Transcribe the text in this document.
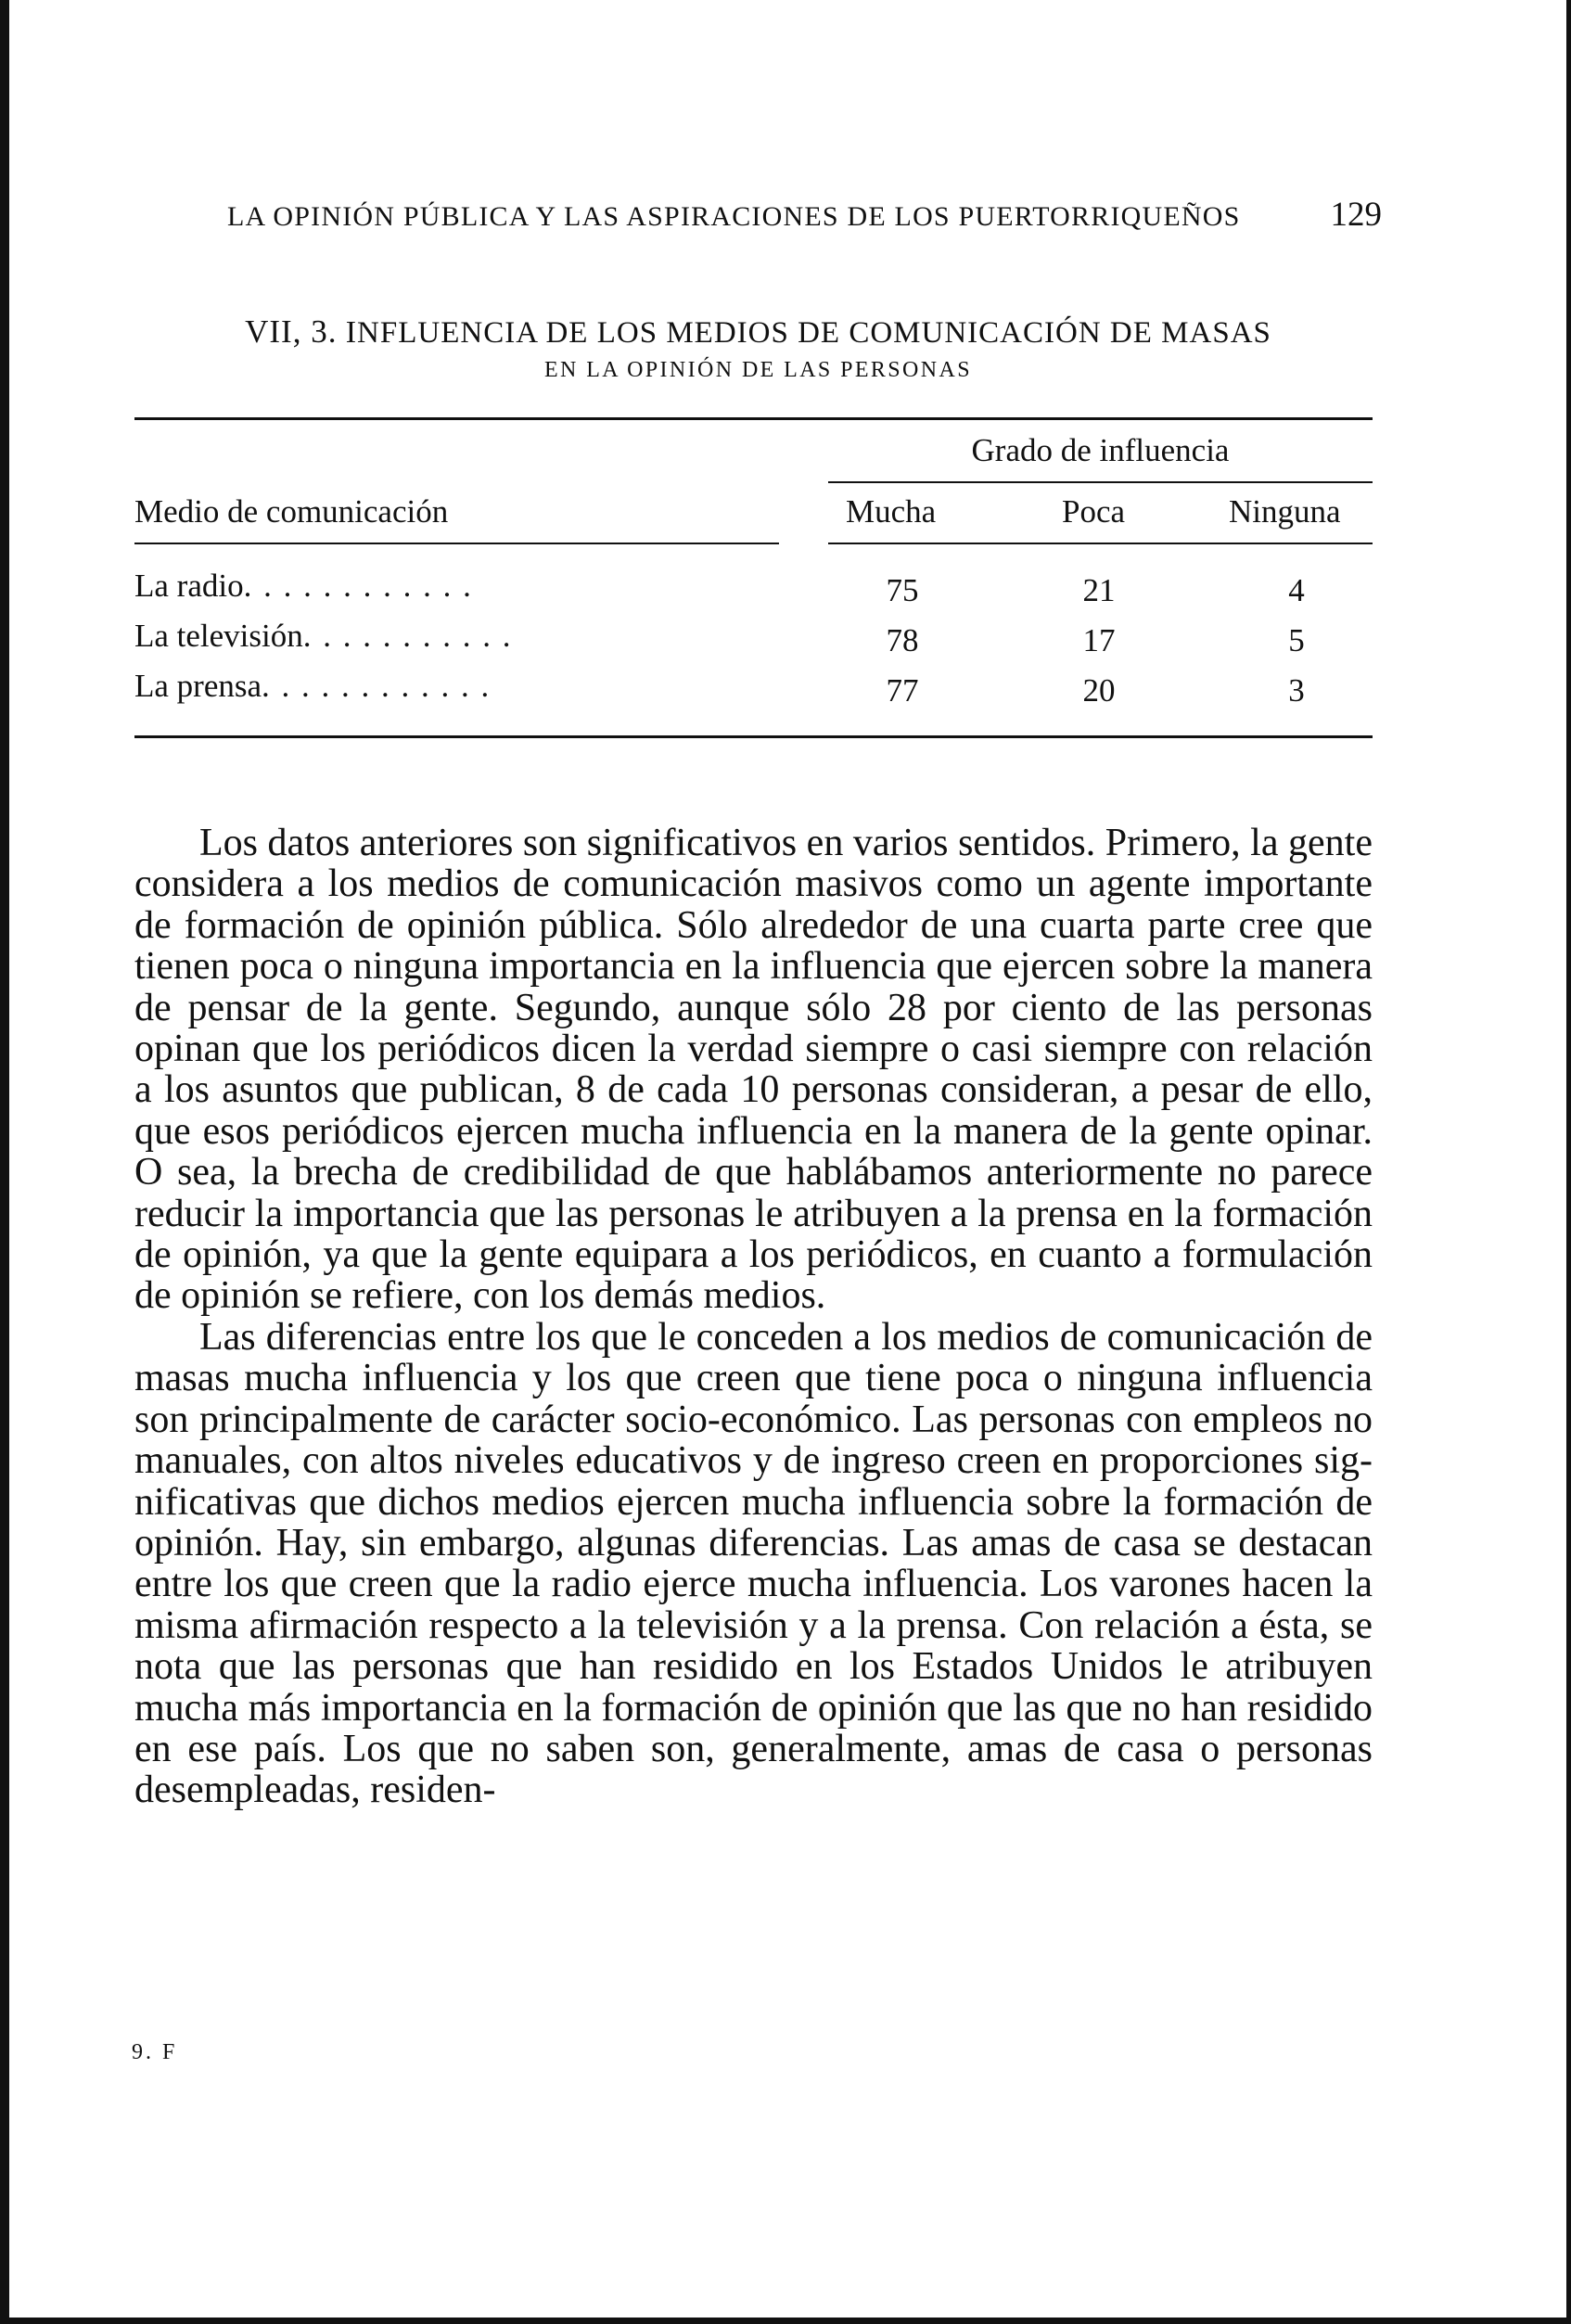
LA OPINIÓN PÚBLICA Y LAS ASPIRACIONES DE LOS PUERTORRIQUEÑOS	129
VII, 3. INFLUENCIA DE LOS MEDIOS DE COMUNICACIÓN DE MASAS
EN LA OPINIÓN DE LAS PERSONAS
Grado de influencia
Medio de comunicación	Mucha	Poca	Ninguna
La radio. . . . . . . . . . . .	75	21	4
La televisión. . . . . . . . . . .	78	17	5
La prensa. . . . . . . . . . . .	77	20	3

Los datos anteriores son significativos en varios sentidos. Primero, la gente considera a los medios de comunicación masivos como un agente importante de formación de opinión pública. Sólo alrededor de una cuarta parte cree que tienen poca o ninguna importancia en la influencia que ejercen sobre la manera de pensar de la gente. Segundo, aunque sólo 28 por ciento de las personas opinan que los periódicos dicen la verdad siempre o casi siempre con relación a los asuntos que publican, 8 de cada 10 personas consideran, a pesar de ello, que esos periódicos ejercen mucha influencia en la manera de la gente opinar. O sea, la brecha de credibilidad de que hablábamos anteriormente no parece reducir la importancia que las personas le atribuyen a la prensa en la formación de opinión, ya que la gente equipara a los periódicos, en cuanto a formulación de opinión se refiere, con los demás medios.

Las diferencias entre los que le conceden a los medios de comunicación de masas mucha influencia y los que creen que tiene poca o ninguna influencia son principalmente de carácter socio-económico. Las personas con empleos no manuales, con altos niveles educativos y de ingreso creen en proporciones significativas que dichos medios ejercen mucha influencia sobre la formación de opinión. Hay, sin embargo, algunas diferencias. Las amas de casa se destacan entre los que creen que la radio ejerce mucha influencia. Los varones hacen la misma afirmación respecto a la televisión y a la prensa. Con relación a ésta, se nota que las personas que han residido en los Estados Unidos le atribuyen mucha más importancia en la formación de opinión que las que no han residido en ese país. Los que no saben son, generalmente, amas de casa o personas desempleadas, residen-

9. F
